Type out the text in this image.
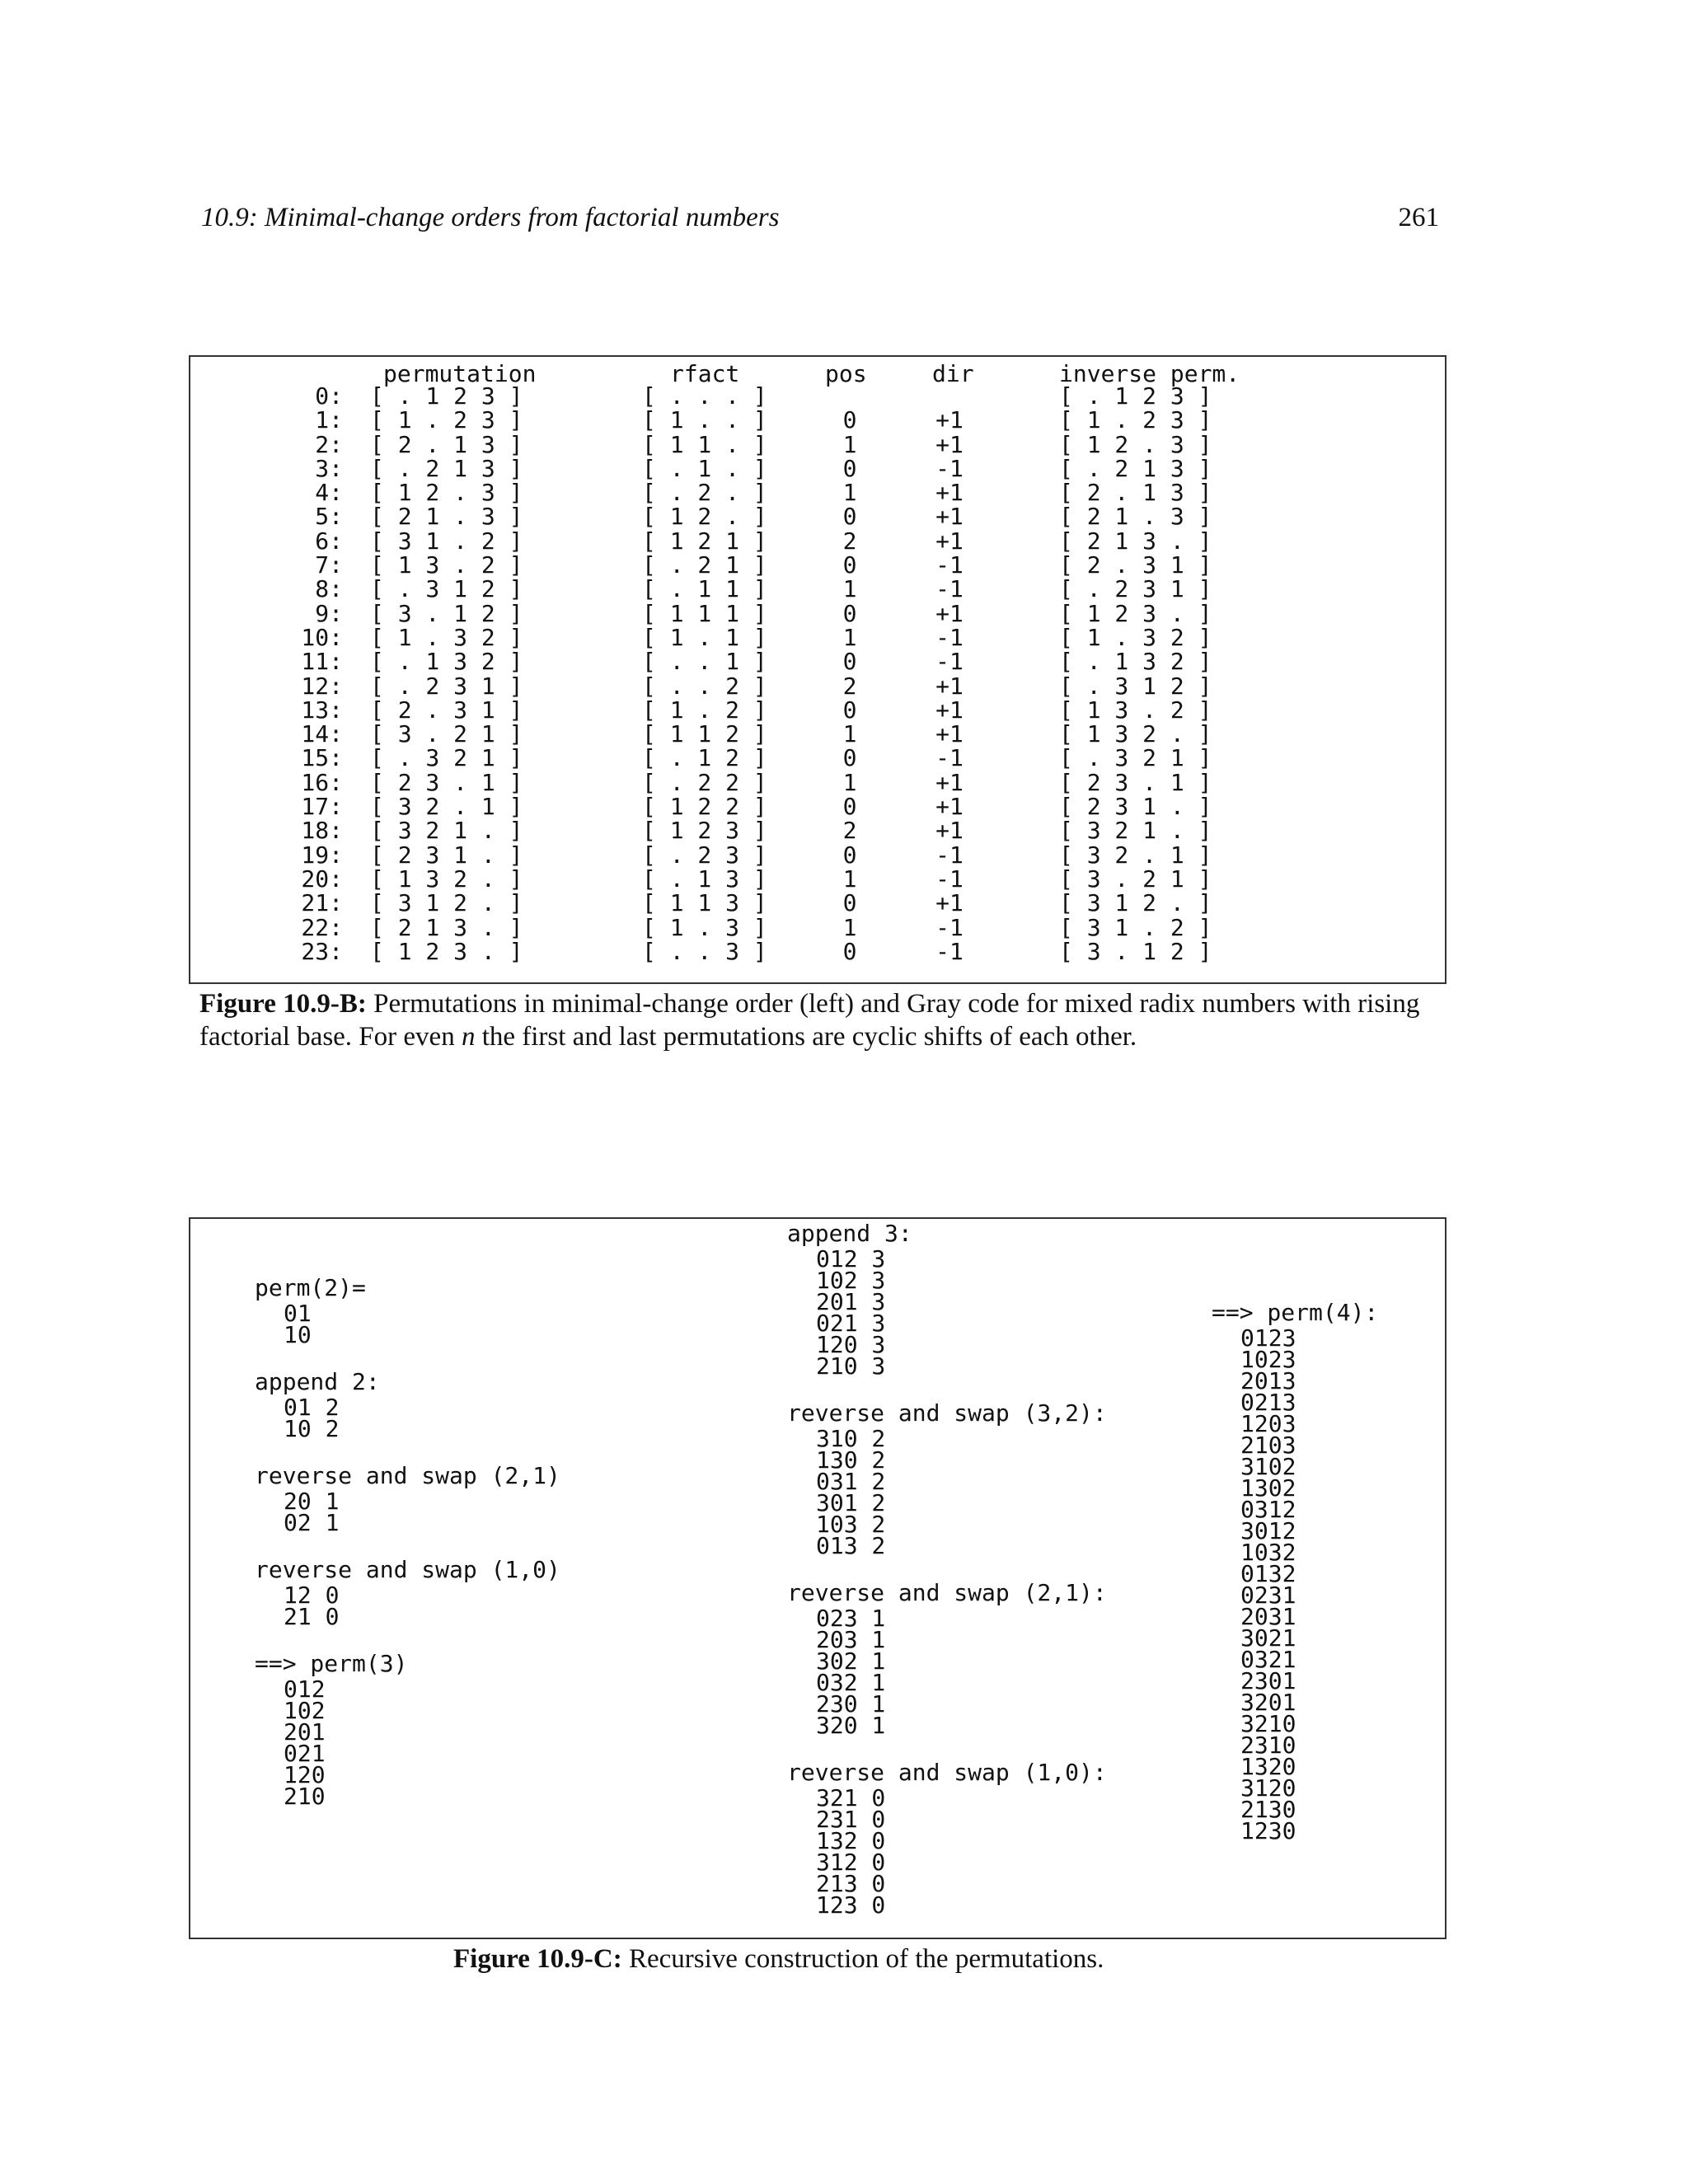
10.9: Minimal-change orders from factorial numbers	261

0:
1:
2:
3:
4:
5:
6:
7:
8:
9:
10:
11:
12:
13:
14:
15:
16:
17:
18:
19:
20:
21:
22:
23:

permutation

[ . 1 2 3 ]
[ 1 . 2 3 ]
[ 2 . 1 3 ]
[ . 2 1 3 ]
[ 1 2 . 3 ]
[ 2 1 . 3 ]
[ 3 1 . 2 ]
[ 1 3 . 2 ]
[ . 3 1 2 ]
[ 3 . 1 2 ]
[ 1 . 3 2 ]
[ . 1 3 2 ]
[ . 2 3 1 ]
[ 2 . 3 1 ]
[ 3 . 2 1 ]
[ . 3 2 1 ]
[ 2 3 . 1 ]
[ 3 2 . 1 ]
[ 3 2 1 . ]
[ 2 3 1 . ]
[ 1 3 2 . ]
[ 3 1 2 . ]
[ 2 1 3 . ]
[ 1 2 3 . ]

rfact

[ . . . ]
[ 1 . . ]
[ 1 1 . ]
[ . 1 . ]
[ . 2 . ]
[ 1 2 . ]
[ 1 2 1 ]
[ . 2 1 ]
[ . 1 1 ]
[ 1 1 1 ]
[ 1 . 1 ]
[ . . 1 ]
[ . . 2 ]
[ 1 . 2 ]
[ 1 1 2 ]
[ . 1 2 ]
[ . 2 2 ]
[ 1 2 2 ]
[ 1 2 3 ]
[ . 2 3 ]
[ . 1 3 ]
[ 1 1 3 ]
[ 1 . 3 ]
[ . . 3 ]

pos

0
1
0
1
0
2
0
1
0
1
0
2
0
1
0
1
0
2
0
1
0
1
0

dir

+1
+1
-1
+1
+1
+1
-1
-1
+1
-1
-1
+1
+1
+1
-1
+1
+1
+1
-1
-1
+1
-1
-1

inverse perm.

[ . 1 2 3 ]
[ 1 . 2 3 ]
[ 1 2 . 3 ]
[ . 2 1 3 ]
[ 2 . 1 3 ]
[ 2 1 . 3 ]
[ 2 1 3 . ]
[ 2 . 3 1 ]
[ . 2 3 1 ]
[ 1 2 3 . ]
[ 1 . 3 2 ]
[ . 1 3 2 ]
[ . 3 1 2 ]
[ 1 3 . 2 ]
[ 1 3 2 . ]
[ . 3 2 1 ]
[ 2 3 . 1 ]
[ 2 3 1 . ]
[ 3 2 1 . ]
[ 3 2 . 1 ]
[ 3 . 2 1 ]
[ 3 1 2 . ]
[ 3 1 . 2 ]
[ 3 . 1 2 ]

Figure 10.9-B: Permutations in minimal-change order (left) and Gray code for mixed radix numbers with rising factorial base. For even n the first and last permutations are cyclic shifts of each other.

perm(2)=
01
10
append 2:
01 2
10 2
reverse and swap (2,1)
20 1
02 1
reverse and swap (1,0)
12 0
21 0
==> perm(3)
012
102
201
021
120
210

append 3:
012 3
102 3
201 3
021 3
120 3
210 3
reverse and swap (3,2):
310 2
130 2
031 2
301 2
103 2
013 2
reverse and swap (2,1):
023 1
203 1
302 1
032 1
230 1
320 1
reverse and swap (1,0):
321 0
231 0
132 0
312 0
213 0
123 0

==> perm(4):
0123
1023
2013
0213
1203
2103
3102
1302
0312
3012
1032
0132
0231
2031
3021
0321
2301
3201
3210
2310
1320
3120
2130
1230

Figure 10.9-C: Recursive construction of the permutations.
